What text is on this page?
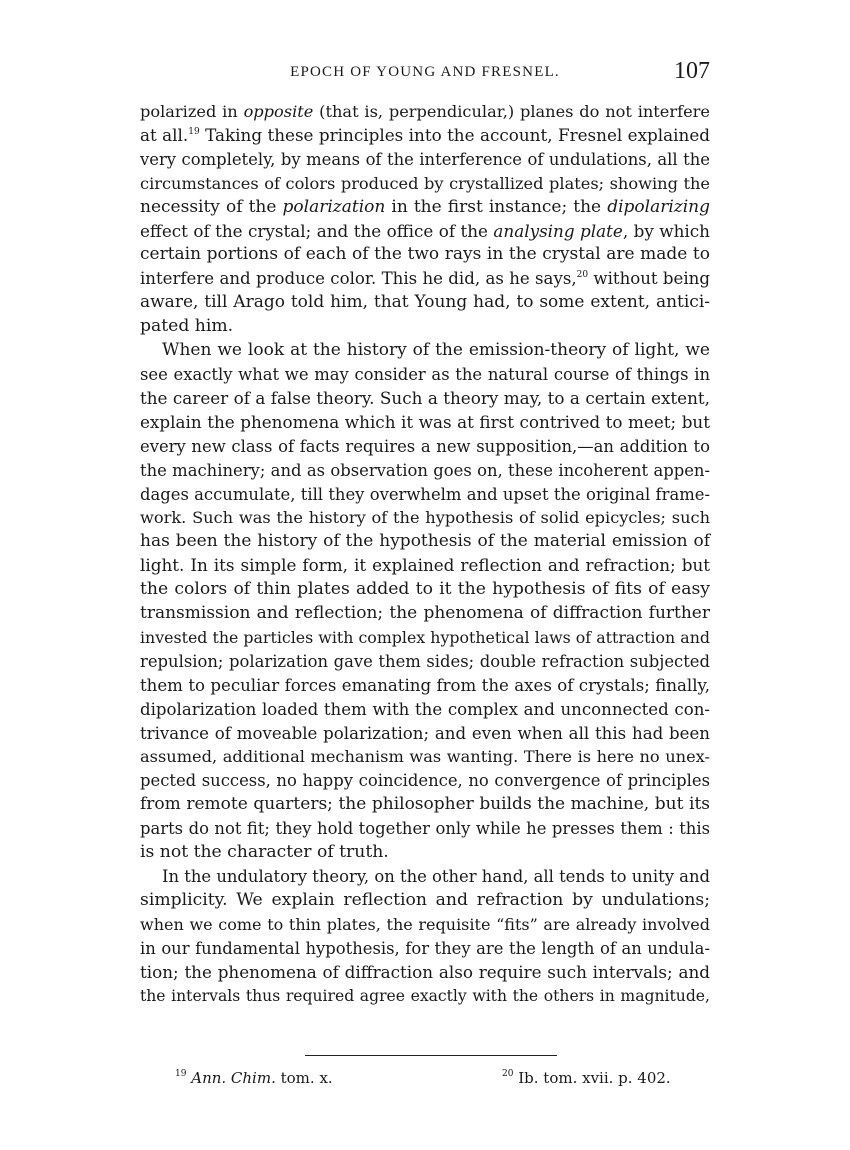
EPOCH OF YOUNG AND FRESNEL.	107
polarized in opposite (that is, perpendicular,) planes do not interfere
at all.$^{19}$ Taking these principles into the account, Fresnel explained
very completely, by means of the interference of undulations, all the
circumstances of colors produced by crystallized plates; showing the
necessity of the polarization in the first instance; the dipolarizing
effect of the crystal; and the office of the analysing plate, by which
certain portions of each of the two rays in the crystal are made to
interfere and produce color. This he did, as he says,$^{20}$ without being
aware, till Arago told him, that Young had, to some extent, antici-
pated him.
When we look at the history of the emission-theory of light, we
see exactly what we may consider as the natural course of things in
the career of a false theory. Such a theory may, to a certain extent,
explain the phenomena which it was at first contrived to meet; but
every new class of facts requires a new supposition,—an addition to
the machinery; and as observation goes on, these incoherent appen-
dages accumulate, till they overwhelm and upset the original frame-
work. Such was the history of the hypothesis of solid epicycles; such
has been the history of the hypothesis of the material emission of
light. In its simple form, it explained reflection and refraction; but
the colors of thin plates added to it the hypothesis of fits of easy
transmission and reflection; the phenomena of diffraction further
invested the particles with complex hypothetical laws of attraction and
repulsion; polarization gave them sides; double refraction subjected
them to peculiar forces emanating from the axes of crystals; finally,
dipolarization loaded them with the complex and unconnected con-
trivance of moveable polarization; and even when all this had been
assumed, additional mechanism was wanting. There is here no unex-
pected success, no happy coincidence, no convergence of principles
from remote quarters; the philosopher builds the machine, but its
parts do not fit; they hold together only while he presses them : this
is not the character of truth.
In the undulatory theory, on the other hand, all tends to unity and
simplicity. We explain reflection and refraction by undulations;
when we come to thin plates, the requisite “fits” are already involved
in our fundamental hypothesis, for they are the length of an undula-
tion; the phenomena of diffraction also require such intervals; and
the intervals thus required agree exactly with the others in magnitude,
$^{19}$ Ann. Chim. tom. x.	$^{20}$ Ib. tom. xvii. p. 402.
